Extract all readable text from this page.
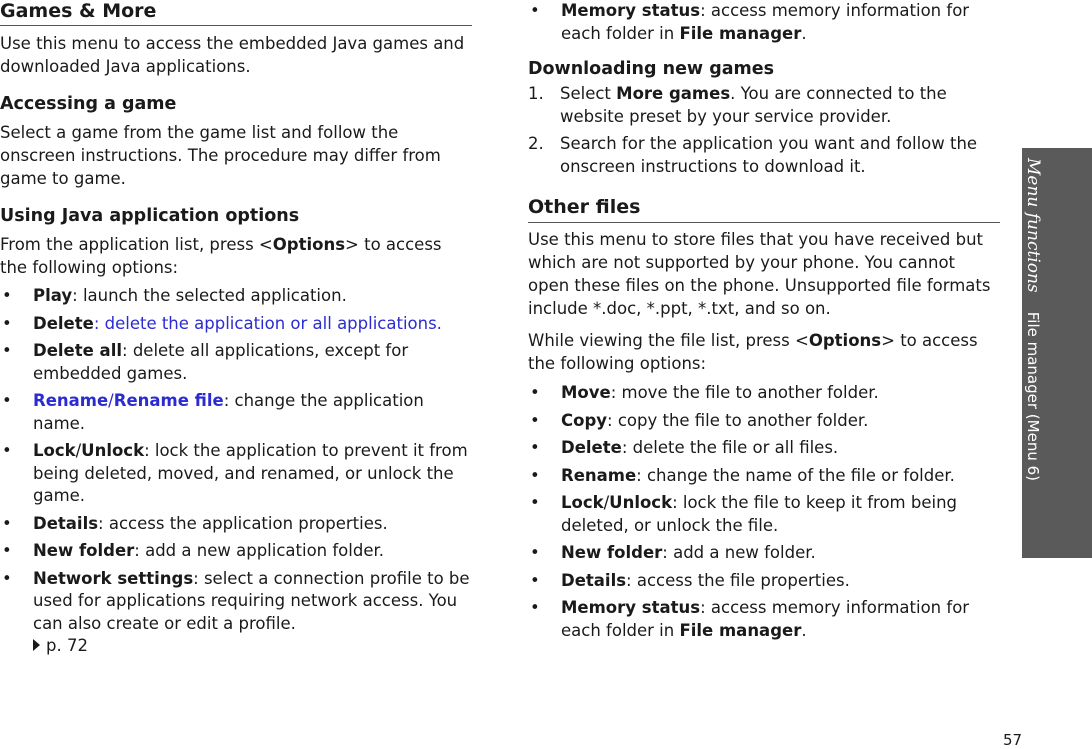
Games & More

Use this menu to access the embedded Java games and downloaded Java applications.

Accessing a game

Select a game from the game list and follow the onscreen instructions. The procedure may differ from game to game.

Using Java application options

From the application list, press <Options> to access the following options:

• Play: launch the selected application.
• Delete: delete the application or all applications.
• Delete all: delete all applications, except for embedded games.
• Rename/Rename file: change the application name.
• Lock/Unlock: lock the application to prevent it from being deleted, moved, and renamed, or unlock the game.
• Details: access the application properties.
• New folder: add a new application folder.
• Network settings: select a connection profile to be used for applications requiring network access. You can also create or edit a profile.
p. 72
• Memory status: access memory information for each folder in File manager.
Downloading new games
1. Select More games. You are connected to the website preset by your service provider.
2. Search for the application you want and follow the onscreen instructions to download it.
Other files

Use this menu to store files that you have received but which are not supported by your phone. You cannot open these files on the phone. Unsupported file formats include *.doc, *.ppt, *.txt, and so on.

While viewing the file list, press <Options> to access the following options:

• Move: move the file to another folder.
• Copy: copy the file to another folder.
• Delete: delete the file or all files.
• Rename: change the name of the file or folder.
• Lock/Unlock: lock the file to keep it from being deleted, or unlock the file.
• New folder: add a new folder.
• Details: access the file properties.
• Memory status: access memory information for each folder in File manager.
Menu functions    File manager (Menu 6)
57
